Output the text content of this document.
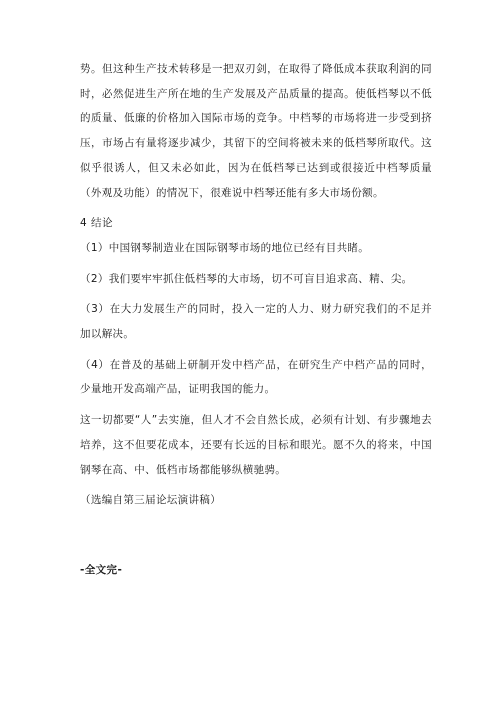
势。但这种生产技术转移是一把双刃剑，在取得了降低成本获取利润的同时，必然促进生产所在地的生产发展及产品质量的提高。使低档琴以不低的质量、低廉的价格加入国际市场的竞争。中档琴的市场将进一步受到挤压，市场占有量将逐步减少，其留下的空间将被未来的低档琴所取代。这似乎很诱人，但又未必如此，因为在低档琴已达到或很接近中档琴质量（外观及功能）的情况下，很难说中档琴还能有多大市场份额。

4 结论

（1）中国钢琴制造业在国际钢琴市场的地位已经有目共睹。

（2）我们要牢牢抓住低档琴的大市场，切不可盲目追求高、精、尖。

（3）在大力发展生产的同时，投入一定的人力、财力研究我们的不足并加以解决。

（4）在普及的基础上研制开发中档产品，在研究生产中档产品的同时，少量地开发高端产品，证明我国的能力。

这一切都要“人”去实施，但人才不会自然长成，必须有计划、有步骤地去培养，这不但要花成本，还要有长远的目标和眼光。愿不久的将来，中国钢琴在高、中、低档市场都能够纵横驰骋。

（选编自第三届论坛演讲稿）

-全文完-
